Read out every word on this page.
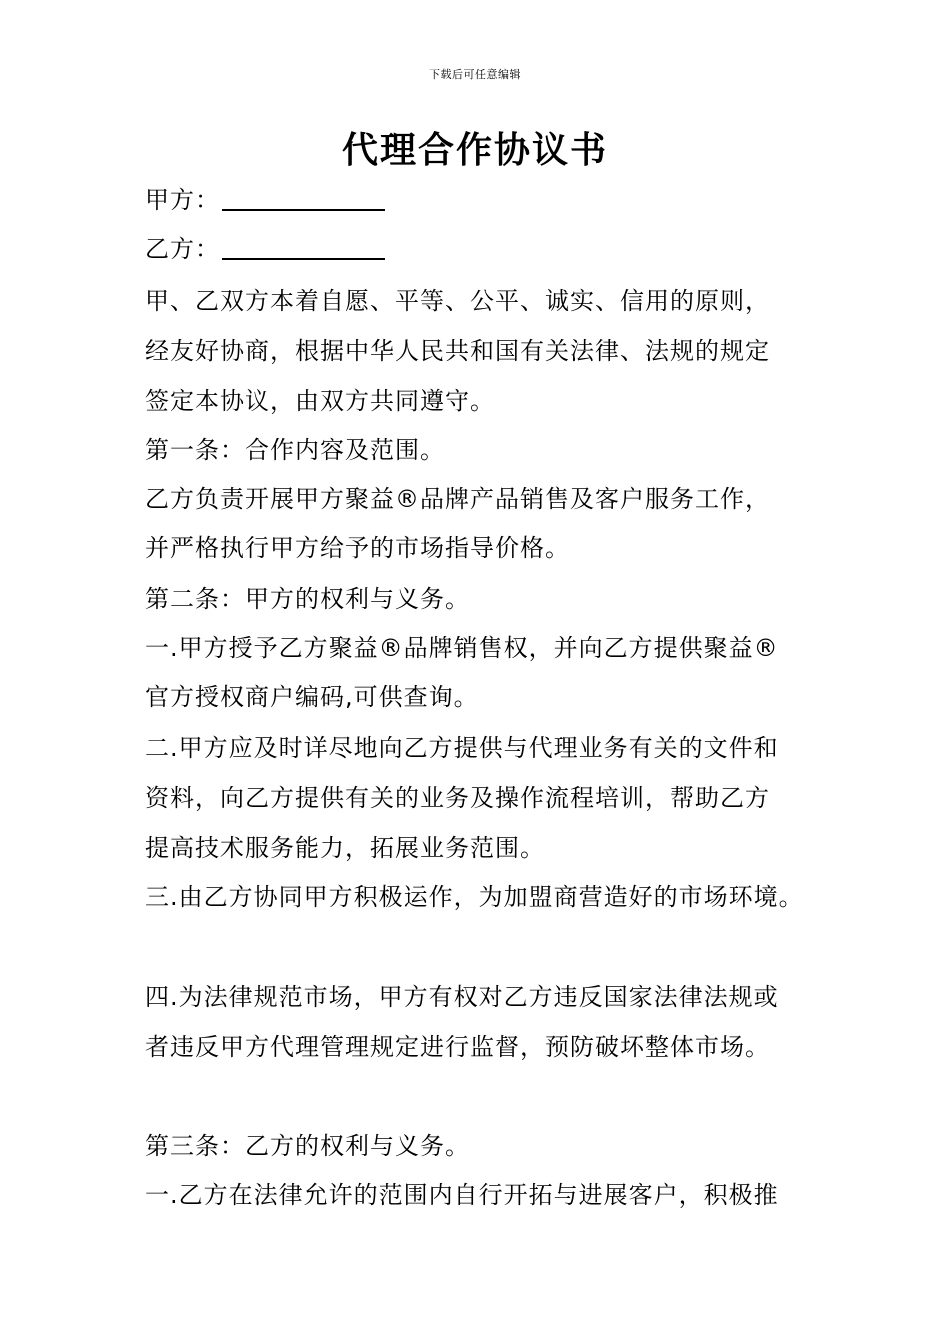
下载后可任意编辑
代理合作协议书
甲方：
乙方：
甲、乙双方本着自愿、平等、公平、诚实、信用的原则，
经友好协商，根据中华人民共和国有关法律、法规的规定
签定本协议，由双方共同遵守。
第一条：合作内容及范围。
乙方负责开展甲方聚益®品牌产品销售及客户服务工作，
并严格执行甲方给予的市场指导价格。
第二条：甲方的权利与义务。
一.甲方授予乙方聚益®品牌销售权，并向乙方提供聚益®
官方授权商户编码,可供查询。
二.甲方应及时详尽地向乙方提供与代理业务有关的文件和
资料，向乙方提供有关的业务及操作流程培训，帮助乙方
提高技术服务能力，拓展业务范围。
三.由乙方协同甲方积极运作，为加盟商营造好的市场环境。
四.为法律规范市场，甲方有权对乙方违反国家法律法规或
者违反甲方代理管理规定进行监督，预防破坏整体市场。
第三条：乙方的权利与义务。
一.乙方在法律允许的范围内自行开拓与进展客户，积极推
